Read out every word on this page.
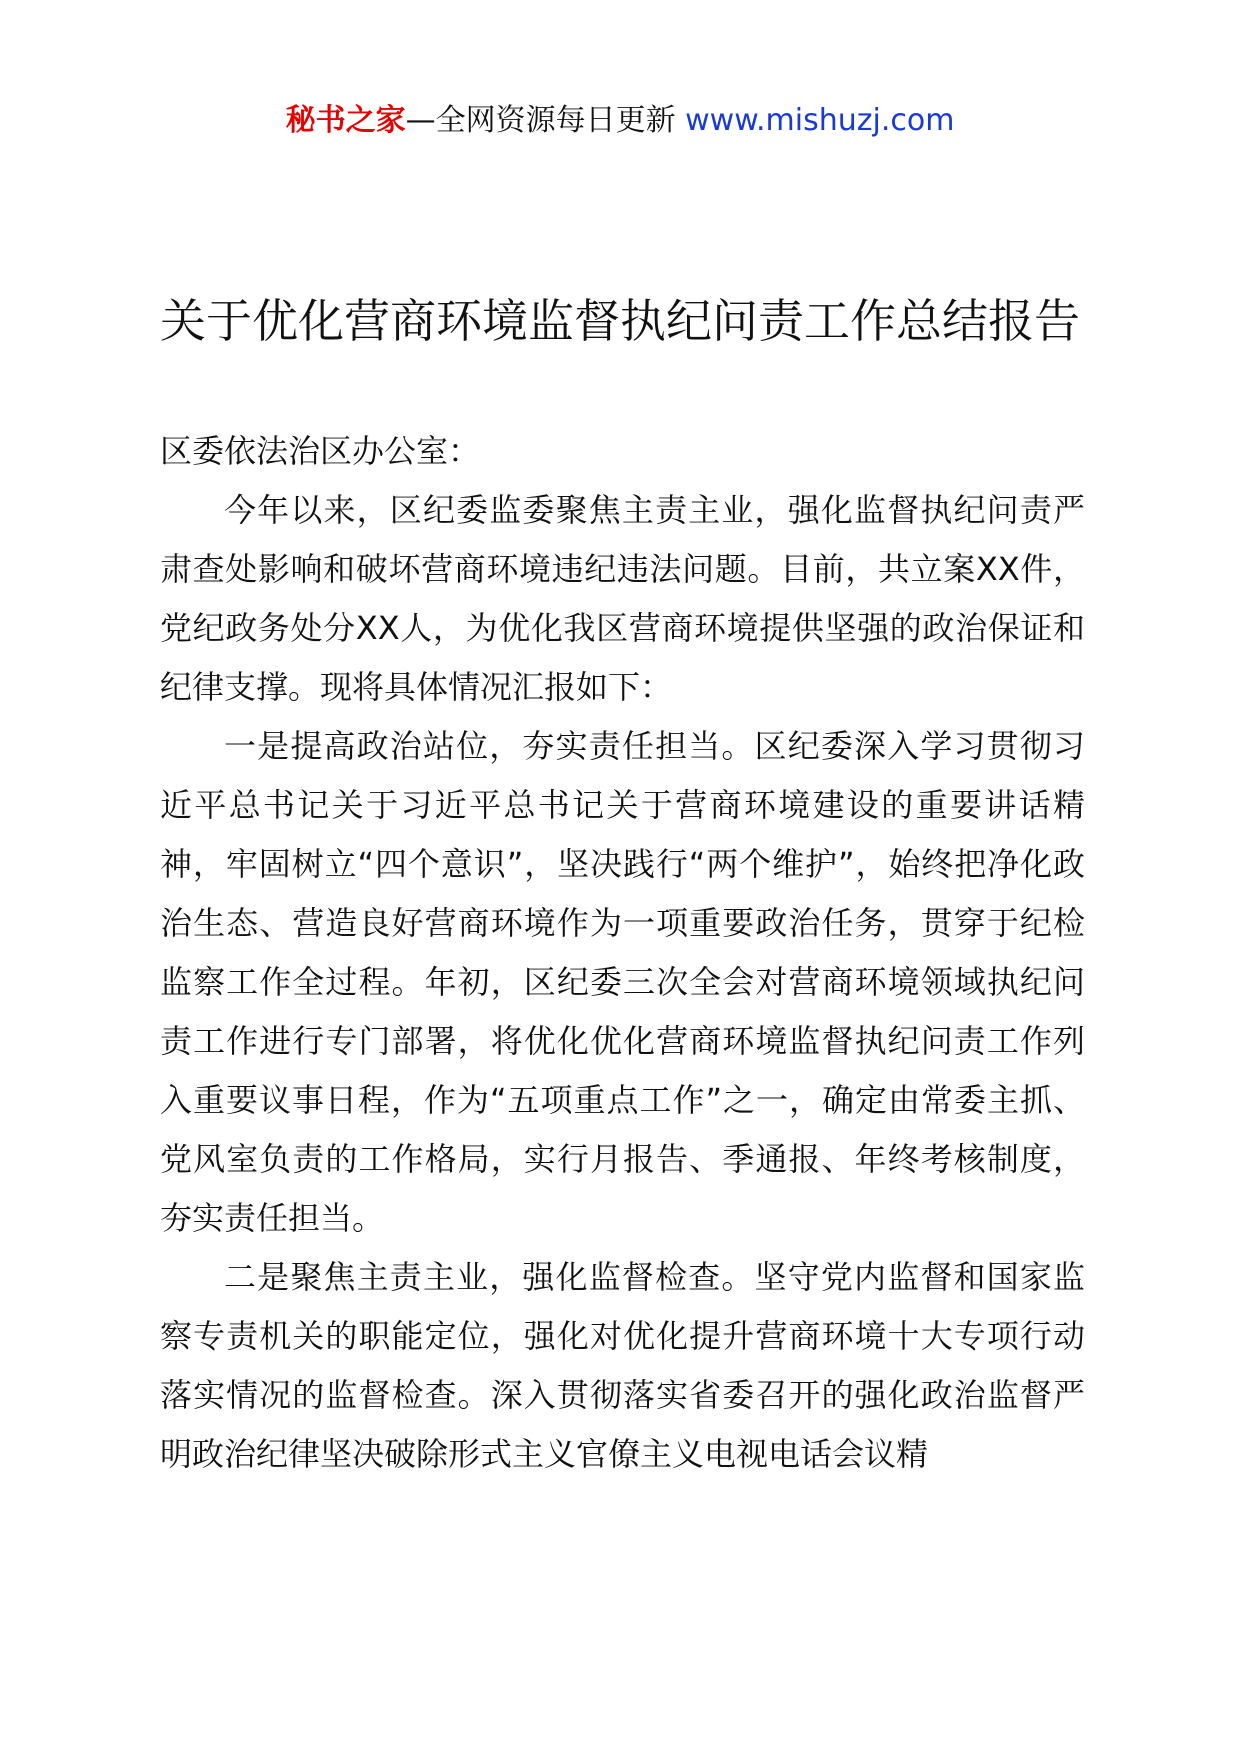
秘书之家—全网资源每日更新 www.mishuzj.com
关于优化营商环境监督执纪问责工作总结报告

区委依法治区办公室：

今年以来，区纪委监委聚焦主责主业，强化监督执纪问责严肃查处影响和破坏营商环境违纪违法问题。目前，共立案XX件，党纪政务处分XX人，为优化我区营商环境提供坚强的政治保证和纪律支撑。现将具体情况汇报如下：

一是提高政治站位，夯实责任担当。区纪委深入学习贯彻习近平总书记关于习近平总书记关于营商环境建设的重要讲话精神，牢固树立“四个意识”，坚决践行“两个维护”，始终把净化政治生态、营造良好营商环境作为一项重要政治任务，贯穿于纪检监察工作全过程。年初，区纪委三次全会对营商环境领域执纪问责工作进行专门部署，将优化优化营商环境监督执纪问责工作列入重要议事日程，作为“五项重点工作”之一，确定由常委主抓、党风室负责的工作格局，实行月报告、季通报、年终考核制度，夯实责任担当。

二是聚焦主责主业，强化监督检查。坚守党内监督和国家监察专责机关的职能定位，强化对优化提升营商环境十大专项行动落实情况的监督检查。深入贯彻落实省委召开的强化政治监督严明政治纪律坚决破除形式主义官僚主义电视电话会议精
